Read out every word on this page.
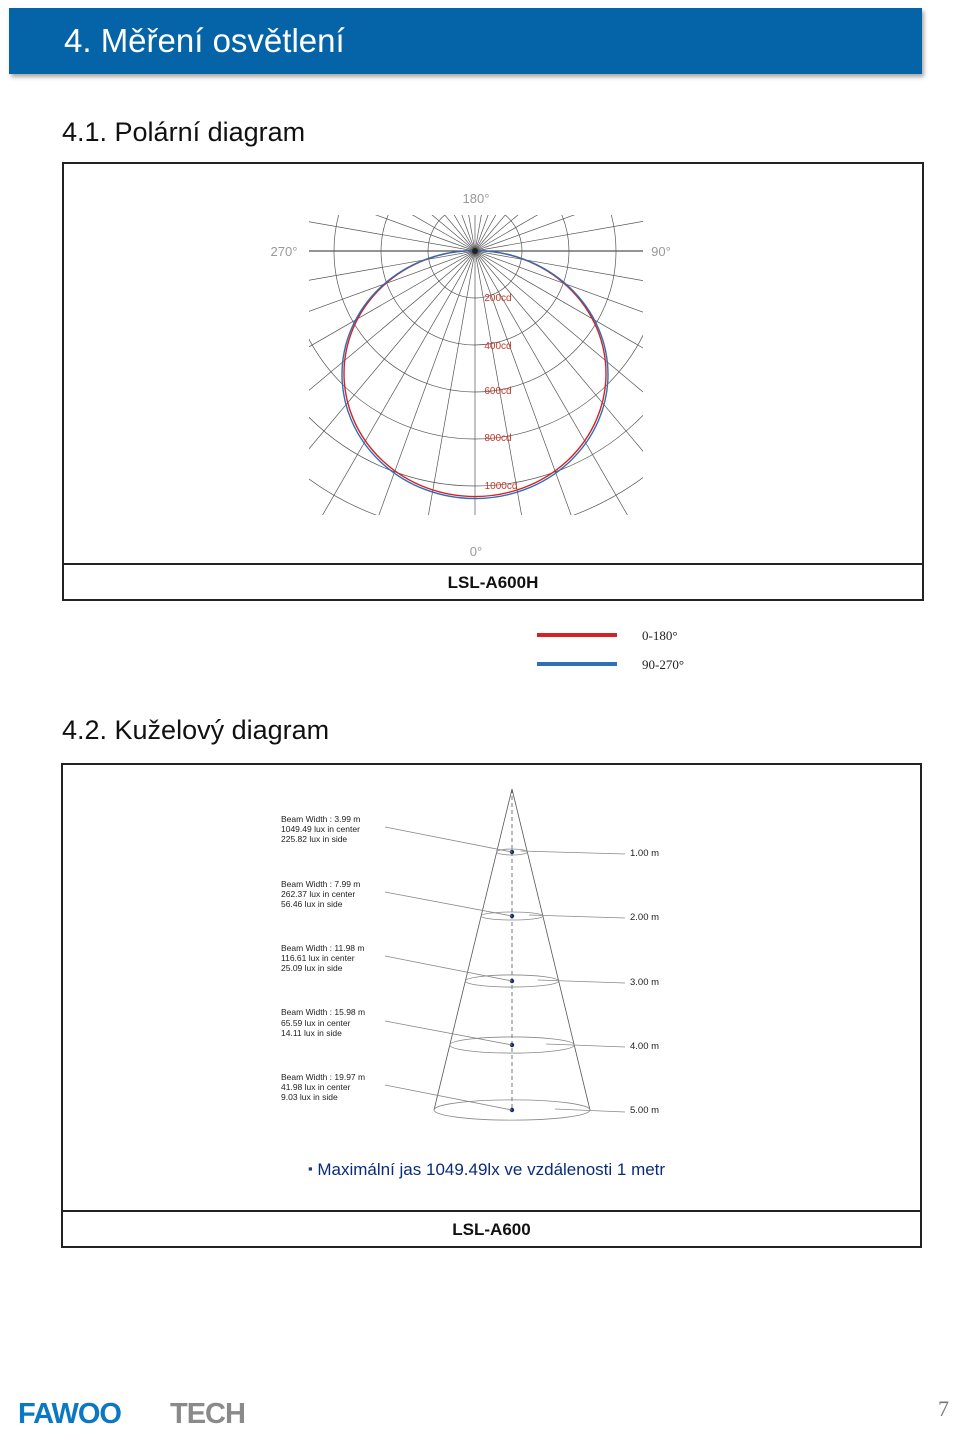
4. Měření osvětlení
4.1. Polární diagram
180°
270°	90°
0°
200cd
400cd
600cd
800cd
1000cd
LSL-A600H
0-180°
90-270°
4.2. Kuželový diagram
Beam Width : 3.99 m
1049.49 lux in center
225.82 lux in side
1.00 m
Beam Width : 7.99 m
262.37 lux in center
56.46 lux in side
2.00 m
Beam Width : 11.98 m
116.61 lux in center
25.09 lux in side
3.00 m
Beam Width : 15.98 m
65.59 lux in center
14.11 lux in side
4.00 m
Beam Width : 19.97 m
41.98 lux in center
9.03 lux in side
5.00 m
▪ Maximální jas 1049.49lx ve vzdálenosti 1 metr
LSL-A600
FAWOO TECH	7
